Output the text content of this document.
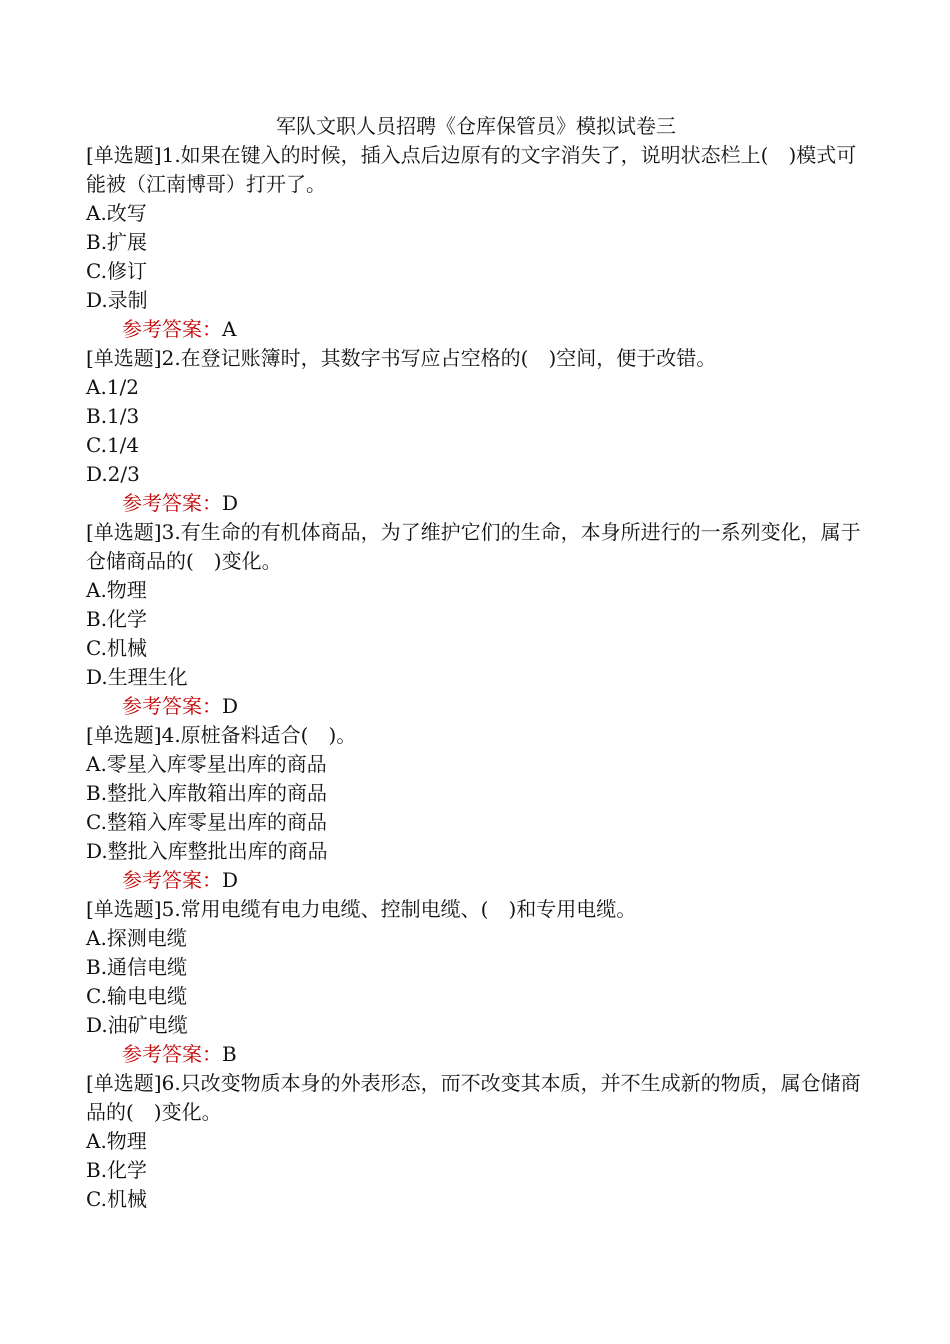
军队文职人员招聘《仓库保管员》模拟试卷三
[单选题]1.如果在键入的时候，插入点后边原有的文字消失了，说明状态栏上(　)模式可能被（江南博哥）打开了。
A.改写
B.扩展
C.修订
D.录制
参考答案：A
[单选题]2.在登记账簿时，其数字书写应占空格的(　)空间，便于改错。
A.1/2
B.1/3
C.1/4
D.2/3
参考答案：D
[单选题]3.有生命的有机体商品，为了维护它们的生命，本身所进行的一系列变化，属于仓储商品的(　)变化。
A.物理
B.化学
C.机械
D.生理生化
参考答案：D
[单选题]4.原桩备料适合(　)。
A.零星入库零星出库的商品
B.整批入库散箱出库的商品
C.整箱入库零星出库的商品
D.整批入库整批出库的商品
参考答案：D
[单选题]5.常用电缆有电力电缆、控制电缆、(　)和专用电缆。
A.探测电缆
B.通信电缆
C.输电电缆
D.油矿电缆
参考答案：B
[单选题]6.只改变物质本身的外表形态，而不改变其本质，并不生成新的物质，属仓储商品的(　)变化。
A.物理
B.化学
C.机械
